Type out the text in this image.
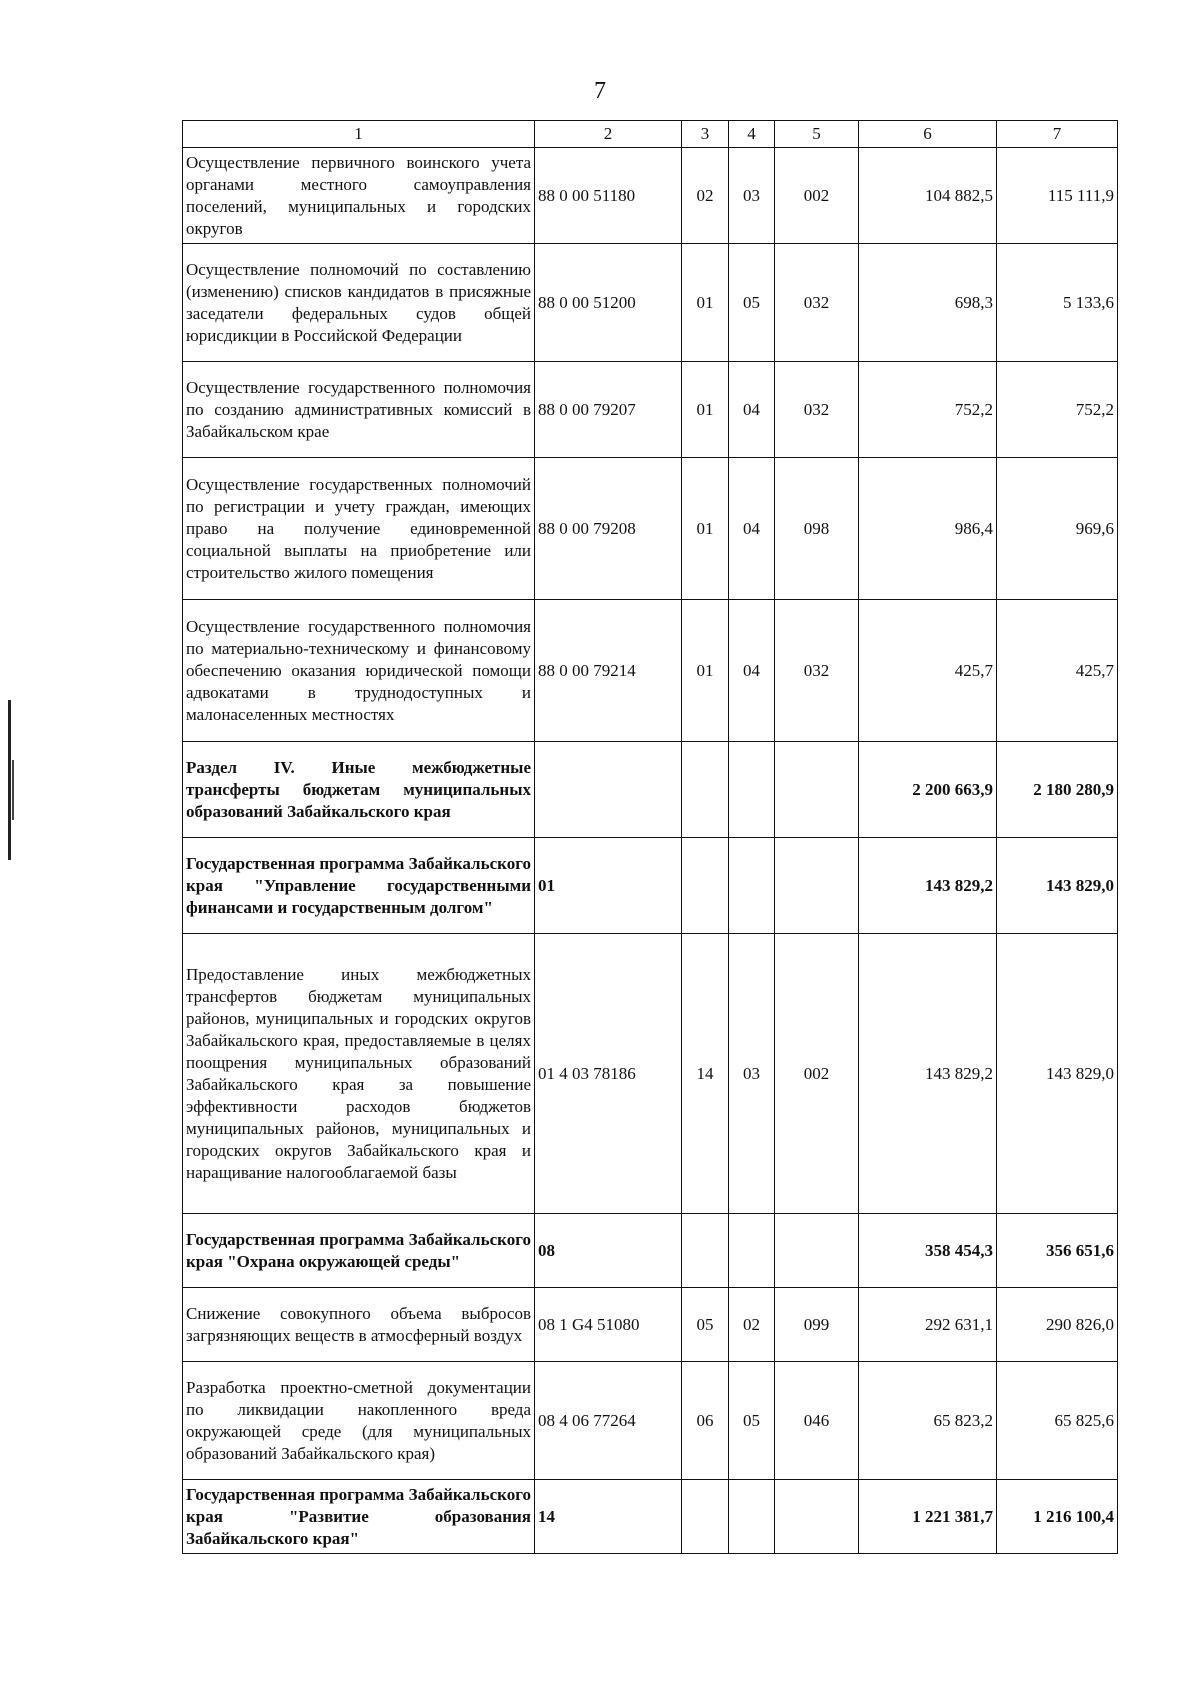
7
1	2	3	4	5	6	7
Осуществление первичного воинского учета органами местного самоуправления поселений, муниципальных и городских округов	88 0 00 51180	02	03	002	104 882,5	115 111,9
Осуществление полномочий по составлению (изменению) списков кандидатов в присяжные заседатели федеральных судов общей юрисдикции в Российской Федерации	88 0 00 51200	01	05	032	698,3	5 133,6
Осуществление государственного полномочия по созданию административных комиссий в Забайкальском крае	88 0 00 79207	01	04	032	752,2	752,2
Осуществление государственных полномочий по регистрации и учету граждан, имеющих право на получение единовременной социальной выплаты на приобретение или строительство жилого помещения	88 0 00 79208	01	04	098	986,4	969,6
Осуществление государственного полномочия по материально-техническому и финансовому обеспечению оказания юридической помощи адвокатами в труднодоступных и малонаселенных местностях	88 0 00 79214	01	04	032	425,7	425,7
Раздел IV. Иные межбюджетные трансферты бюджетам муниципальных образований Забайкальского края					2 200 663,9	2 180 280,9
Государственная программа Забайкальского края "Управление государственными финансами и государственным долгом"	01				143 829,2	143 829,0
Предоставление иных межбюджетных трансфертов бюджетам муниципальных районов, муниципальных и городских округов Забайкальского края, предоставляемые в целях поощрения муниципальных образований Забайкальского края за повышение эффективности расходов бюджетов муниципальных районов, муниципальных и городских округов Забайкальского края и наращивание налогооблагаемой базы	01 4 03 78186	14	03	002	143 829,2	143 829,0
Государственная программа Забайкальского края "Охрана окружающей среды"	08				358 454,3	356 651,6
Снижение совокупного объема выбросов загрязняющих веществ в атмосферный воздух	08 1 G4 51080	05	02	099	292 631,1	290 826,0
Разработка проектно-сметной документации по ликвидации накопленного вреда окружающей среде (для муниципальных образований Забайкальского края)	08 4 06 77264	06	05	046	65 823,2	65 825,6
Государственная программа Забайкальского края "Развитие образования Забайкальского края"	14				1 221 381,7	1 216 100,4
